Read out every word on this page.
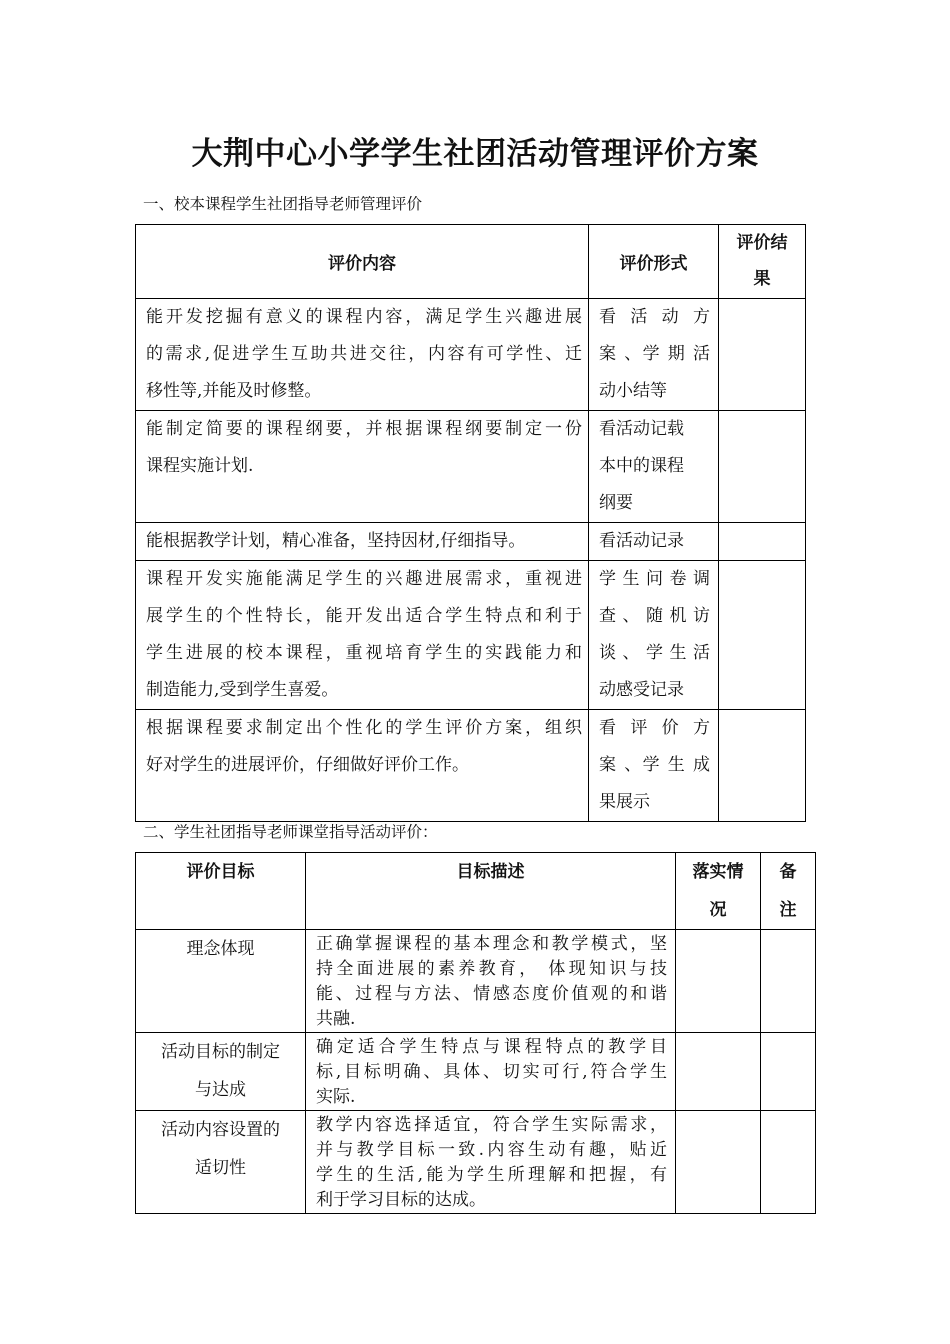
大荆中心小学学生社团活动管理评价方案
一、校本课程学生社团指导老师管理评价
评价内容	评价形式	评价结
果

能开发挖掘有意义的课程内容，满足学生兴趣进展
的需求,促进学生互助共进交往，内容有可学性、迁
移性等,并能及时修整。	看 活 动 方
案 、学 期 活
动小结等	

能制定简要的课程纲要，并根据课程纲要制定一份
课程实施计划.	看活动记载
本中的课程
纲要	

能根据教学计划，精心准备，坚持因材,仔细指导。	看活动记录	

课程开发实施能满足学生的兴趣进展需求，重视进
展学生的个性特长，能开发出适合学生特点和利于
学生进展的校本课程，重视培育学生的实践能力和
制造能力,受到学生喜爱。	学 生 问 卷 调
查 、 随 机 访
谈 、 学 生 活
动感受记录	

根据课程要求制定出个性化的学生评价方案，组织
好对学生的进展评价，仔细做好评价工作。	看 评 价 方
案 、学 生 成
果展示	

二、学生社团指导老师课堂指导活动评价：
评价目标	目标描述	落实情
况	备
注

理念体现	正确掌握课程的基本理念和教学模式，坚
持全面进展的素养教育， 体现知识与技
能、过程与方法、情感态度价值观的和谐
共融.		

活动目标的制定
与达成	确定适合学生特点与课程特点的教学目
标,目标明确、具体、切实可行,符合学生
实际.		

活动内容设置的
适切性	教学内容选择适宜，符合学生实际需求，
并与教学目标一致.内容生动有趣，贴近
学生的生活,能为学生所理解和把握，有
利于学习目标的达成。		
